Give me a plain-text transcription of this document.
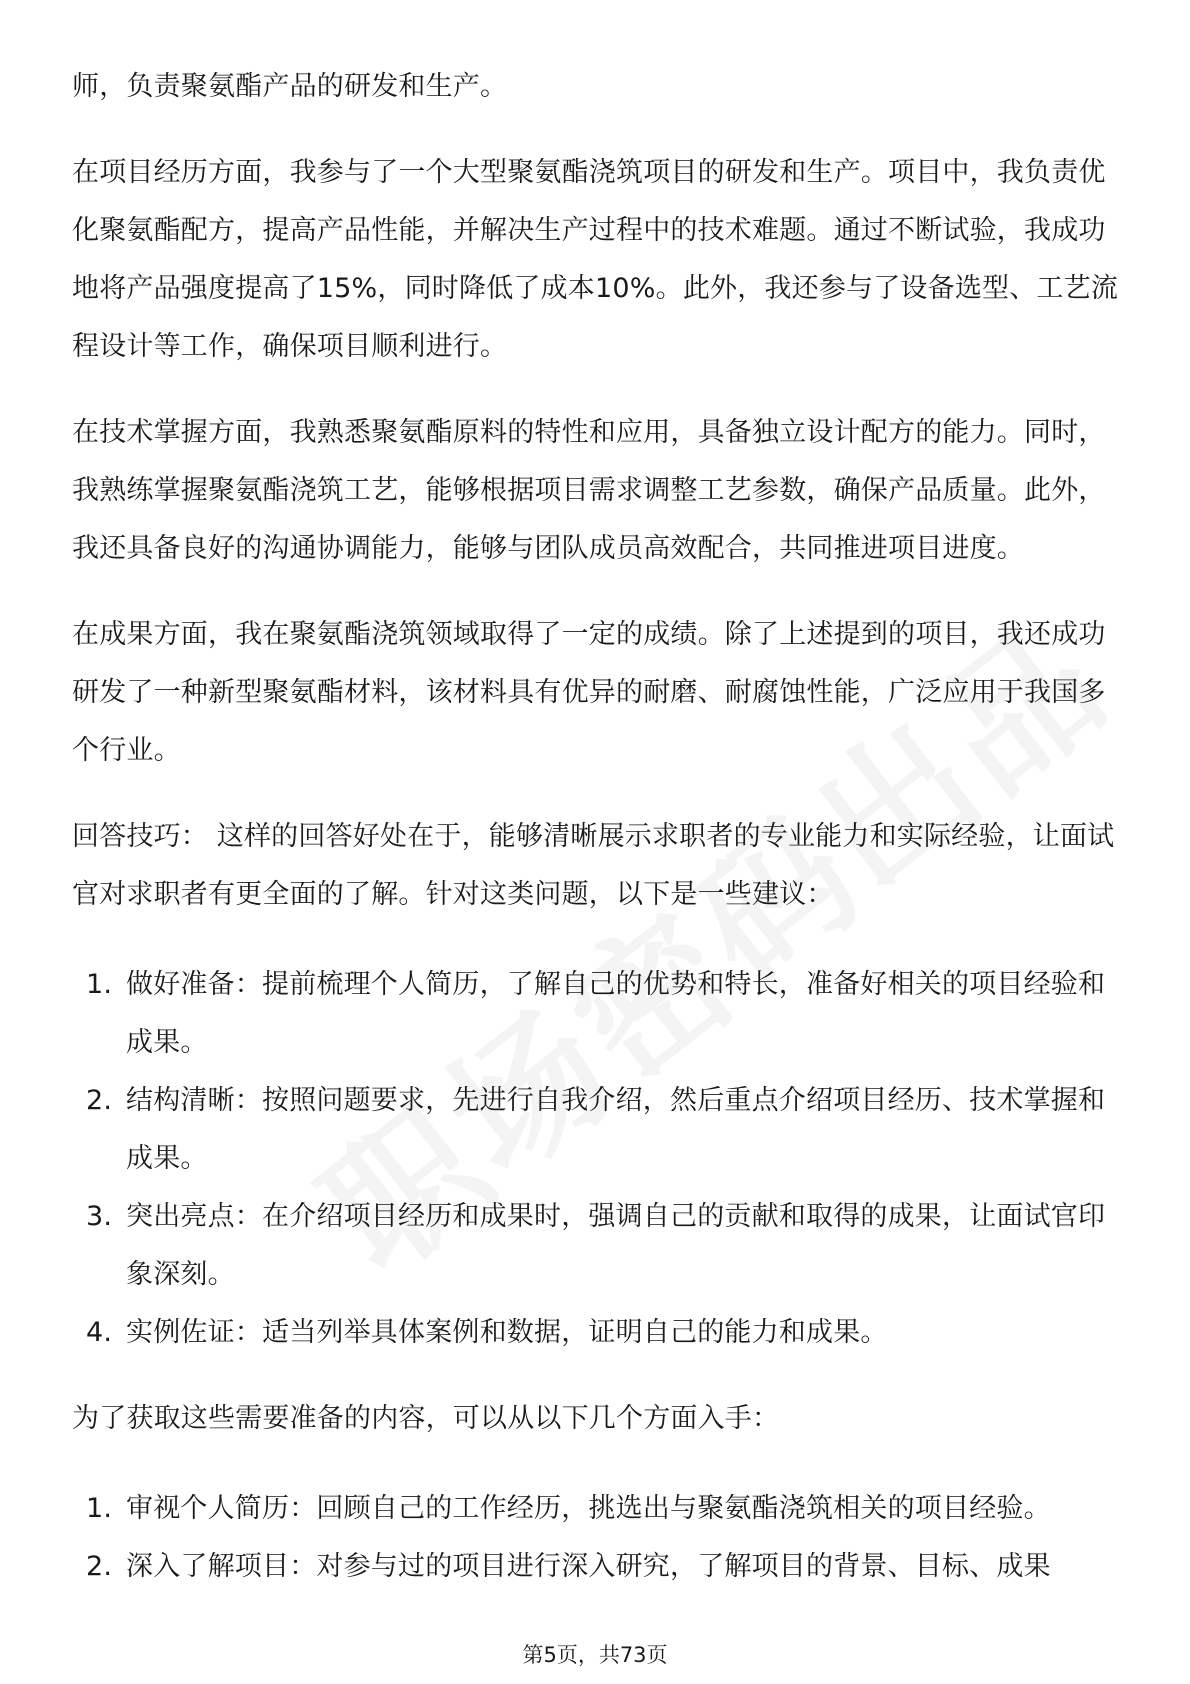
师，负责聚氨酯产品的研发和生产。

在项目经历方面，我参与了一个大型聚氨酯浇筑项目的研发和生产。项目中，我负责优化聚氨酯配方，提高产品性能，并解决生产过程中的技术难题。通过不断试验，我成功地将产品强度提高了15%，同时降低了成本10%。此外，我还参与了设备选型、工艺流程设计等工作，确保项目顺利进行。

在技术掌握方面，我熟悉聚氨酯原料的特性和应用，具备独立设计配方的能力。同时，我熟练掌握聚氨酯浇筑工艺，能够根据项目需求调整工艺参数，确保产品质量。此外，我还具备良好的沟通协调能力，能够与团队成员高效配合，共同推进项目进度。

在成果方面，我在聚氨酯浇筑领域取得了一定的成绩。除了上述提到的项目，我还成功研发了一种新型聚氨酯材料，该材料具有优异的耐磨、耐腐蚀性能，广泛应用于我国多个行业。

回答技巧： 这样的回答好处在于，能够清晰展示求职者的专业能力和实际经验，让面试官对求职者有更全面的了解。针对这类问题，以下是一些建议：

1. 做好准备：提前梳理个人简历，了解自己的优势和特长，准备好相关的项目经验和成果。
2. 结构清晰：按照问题要求，先进行自我介绍，然后重点介绍项目经历、技术掌握和成果。
3. 突出亮点：在介绍项目经历和成果时，强调自己的贡献和取得的成果，让面试官印象深刻。
4. 实例佐证：适当列举具体案例和数据，证明自己的能力和成果。

为了获取这些需要准备的内容，可以从以下几个方面入手：

1. 审视个人简历：回顾自己的工作经历，挑选出与聚氨酯浇筑相关的项目经验。
2. 深入了解项目：对参与过的项目进行深入研究，了解项目的背景、目标、成果
第5页，共73页
